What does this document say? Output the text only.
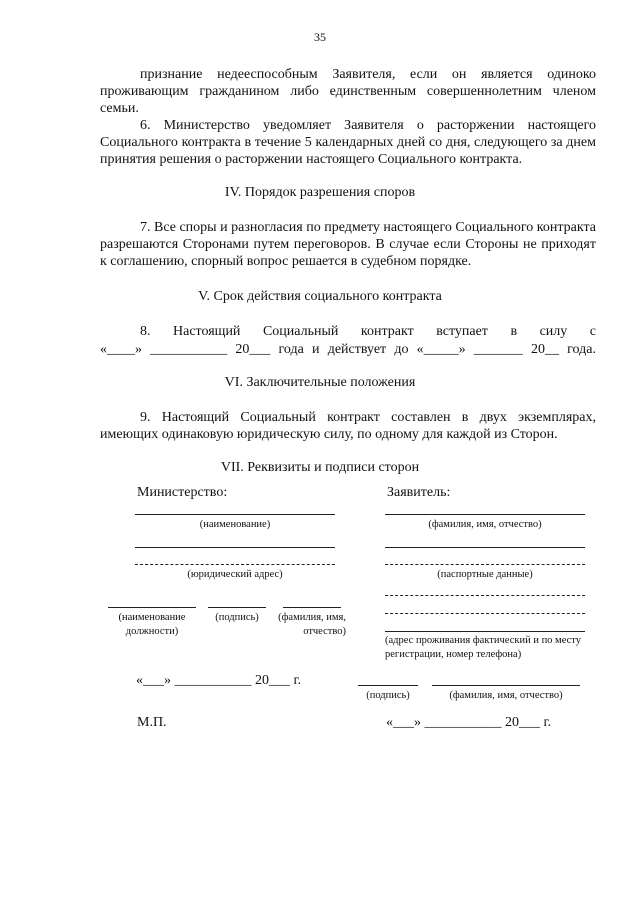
35
признание недееспособным Заявителя, если он является одиноко проживающим гражданином либо единственным совершеннолетним членом семьи.
6. Министерство уведомляет Заявителя о расторжении настоящего Социального контракта в течение 5 календарных дней со дня, следующего за днем принятия решения о расторжении настоящего Социального контракта.
IV. Порядок разрешения споров
7. Все споры и разногласия по предмету настоящего Социального контракта разрешаются Сторонами путем переговоров. В случае если Стороны не приходят к соглашению, спорный вопрос решается в судебном порядке.
V. Срок действия социального контракта
8. Настоящий Социальный контракт вступает в силу с
«____» ___________ 20___ года и действует до «_____» _______ 20__ года.
VI. Заключительные положения
9. Настоящий Социальный контракт составлен в двух экземплярах, имеющих одинаковую юридическую силу, по одному для каждой из Сторон.
VII. Реквизиты и подписи сторон
Министерство:
(наименование)
(юридический адрес)
(наименование должности)
(подпись)	(фамилия, имя, отчество)
«___» ___________ 20___ г.
М.П.
Заявитель:
(фамилия, имя, отчество)
(паспортные данные)
(адрес проживания фактический и по месту регистрации, номер телефона)
(подпись)	(фамилия, имя, отчество)
«___» ___________ 20___ г.
